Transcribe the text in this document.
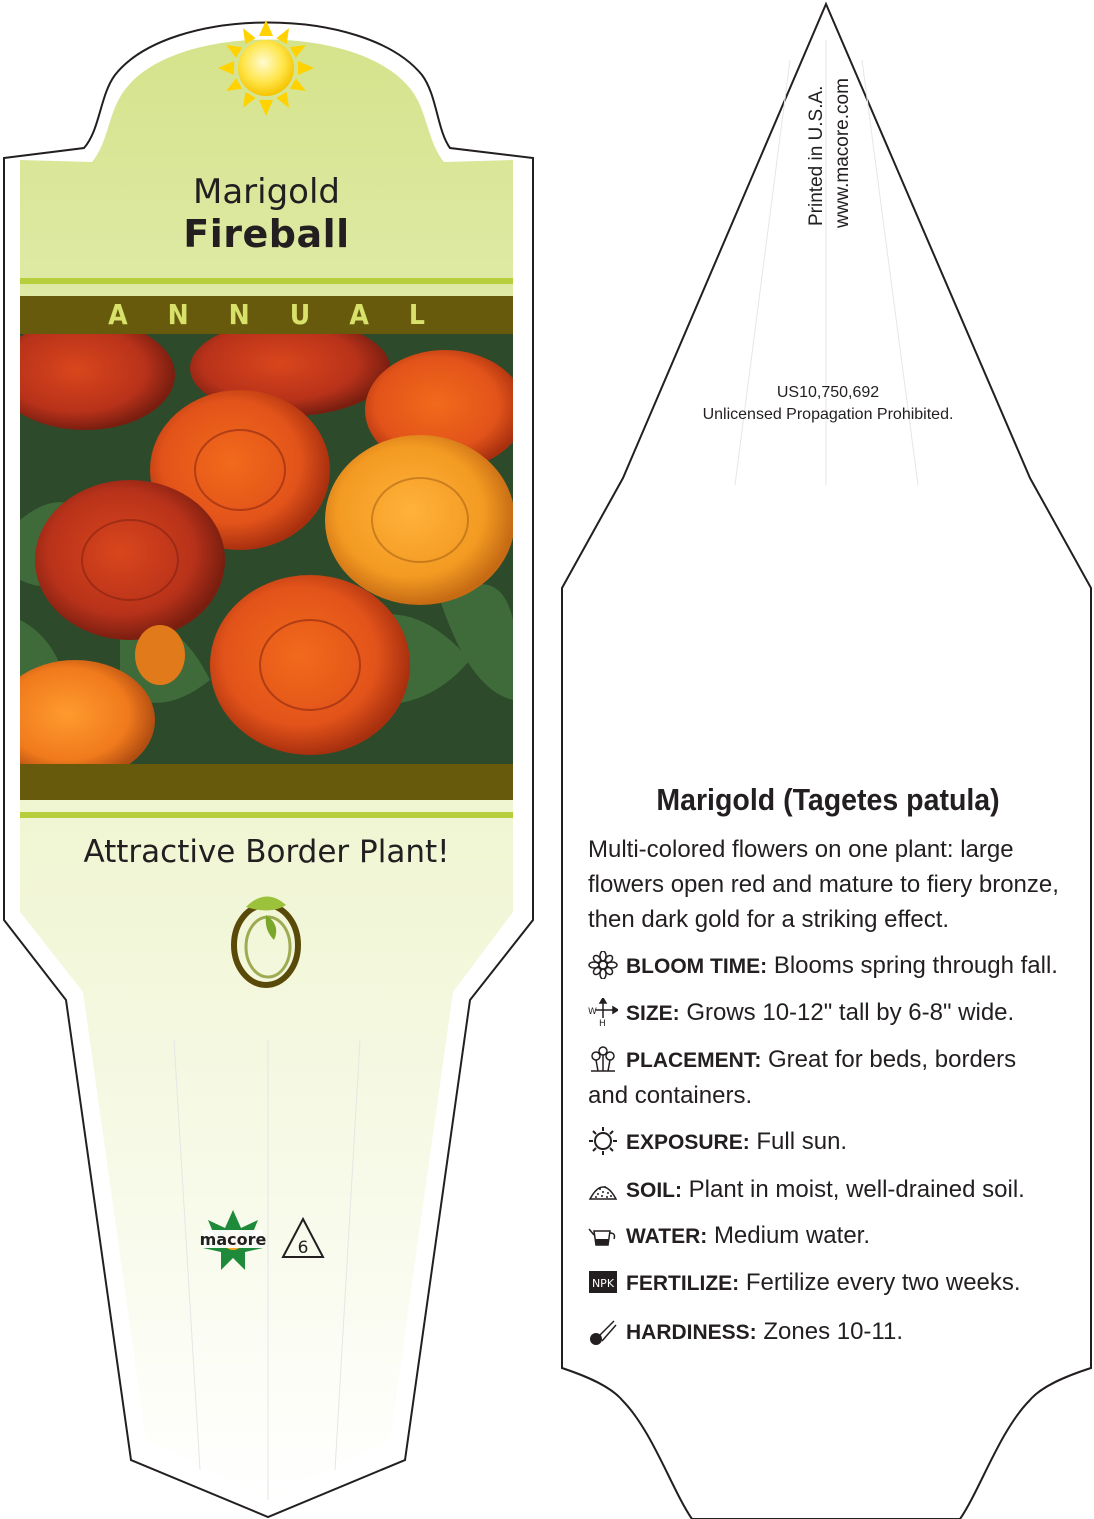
macore 6
Marigold
Fireball
ANNUAL
Attractive Border Plant!
Printed in U.S.A. www.macore.com
US10,750,692
Unlicensed Propagation Prohibited.
Marigold (Tagetes patula)
Multi-colored flowers on one plant: large flowers open red and mature to fiery bronze, then dark gold for a striking effect.
BLOOM TIME: Blooms spring through fall.
W
H SIZE: Grows 10-12" tall by 6-8" wide.
PLACEMENT: Great for beds, borders and containers.
EXPOSURE: Full sun.
SOIL: Plant in moist, well-drained soil.
WATER: Medium water.
NPK FERTILIZE: Fertilize every two weeks.
HARDINESS: Zones 10-11.
